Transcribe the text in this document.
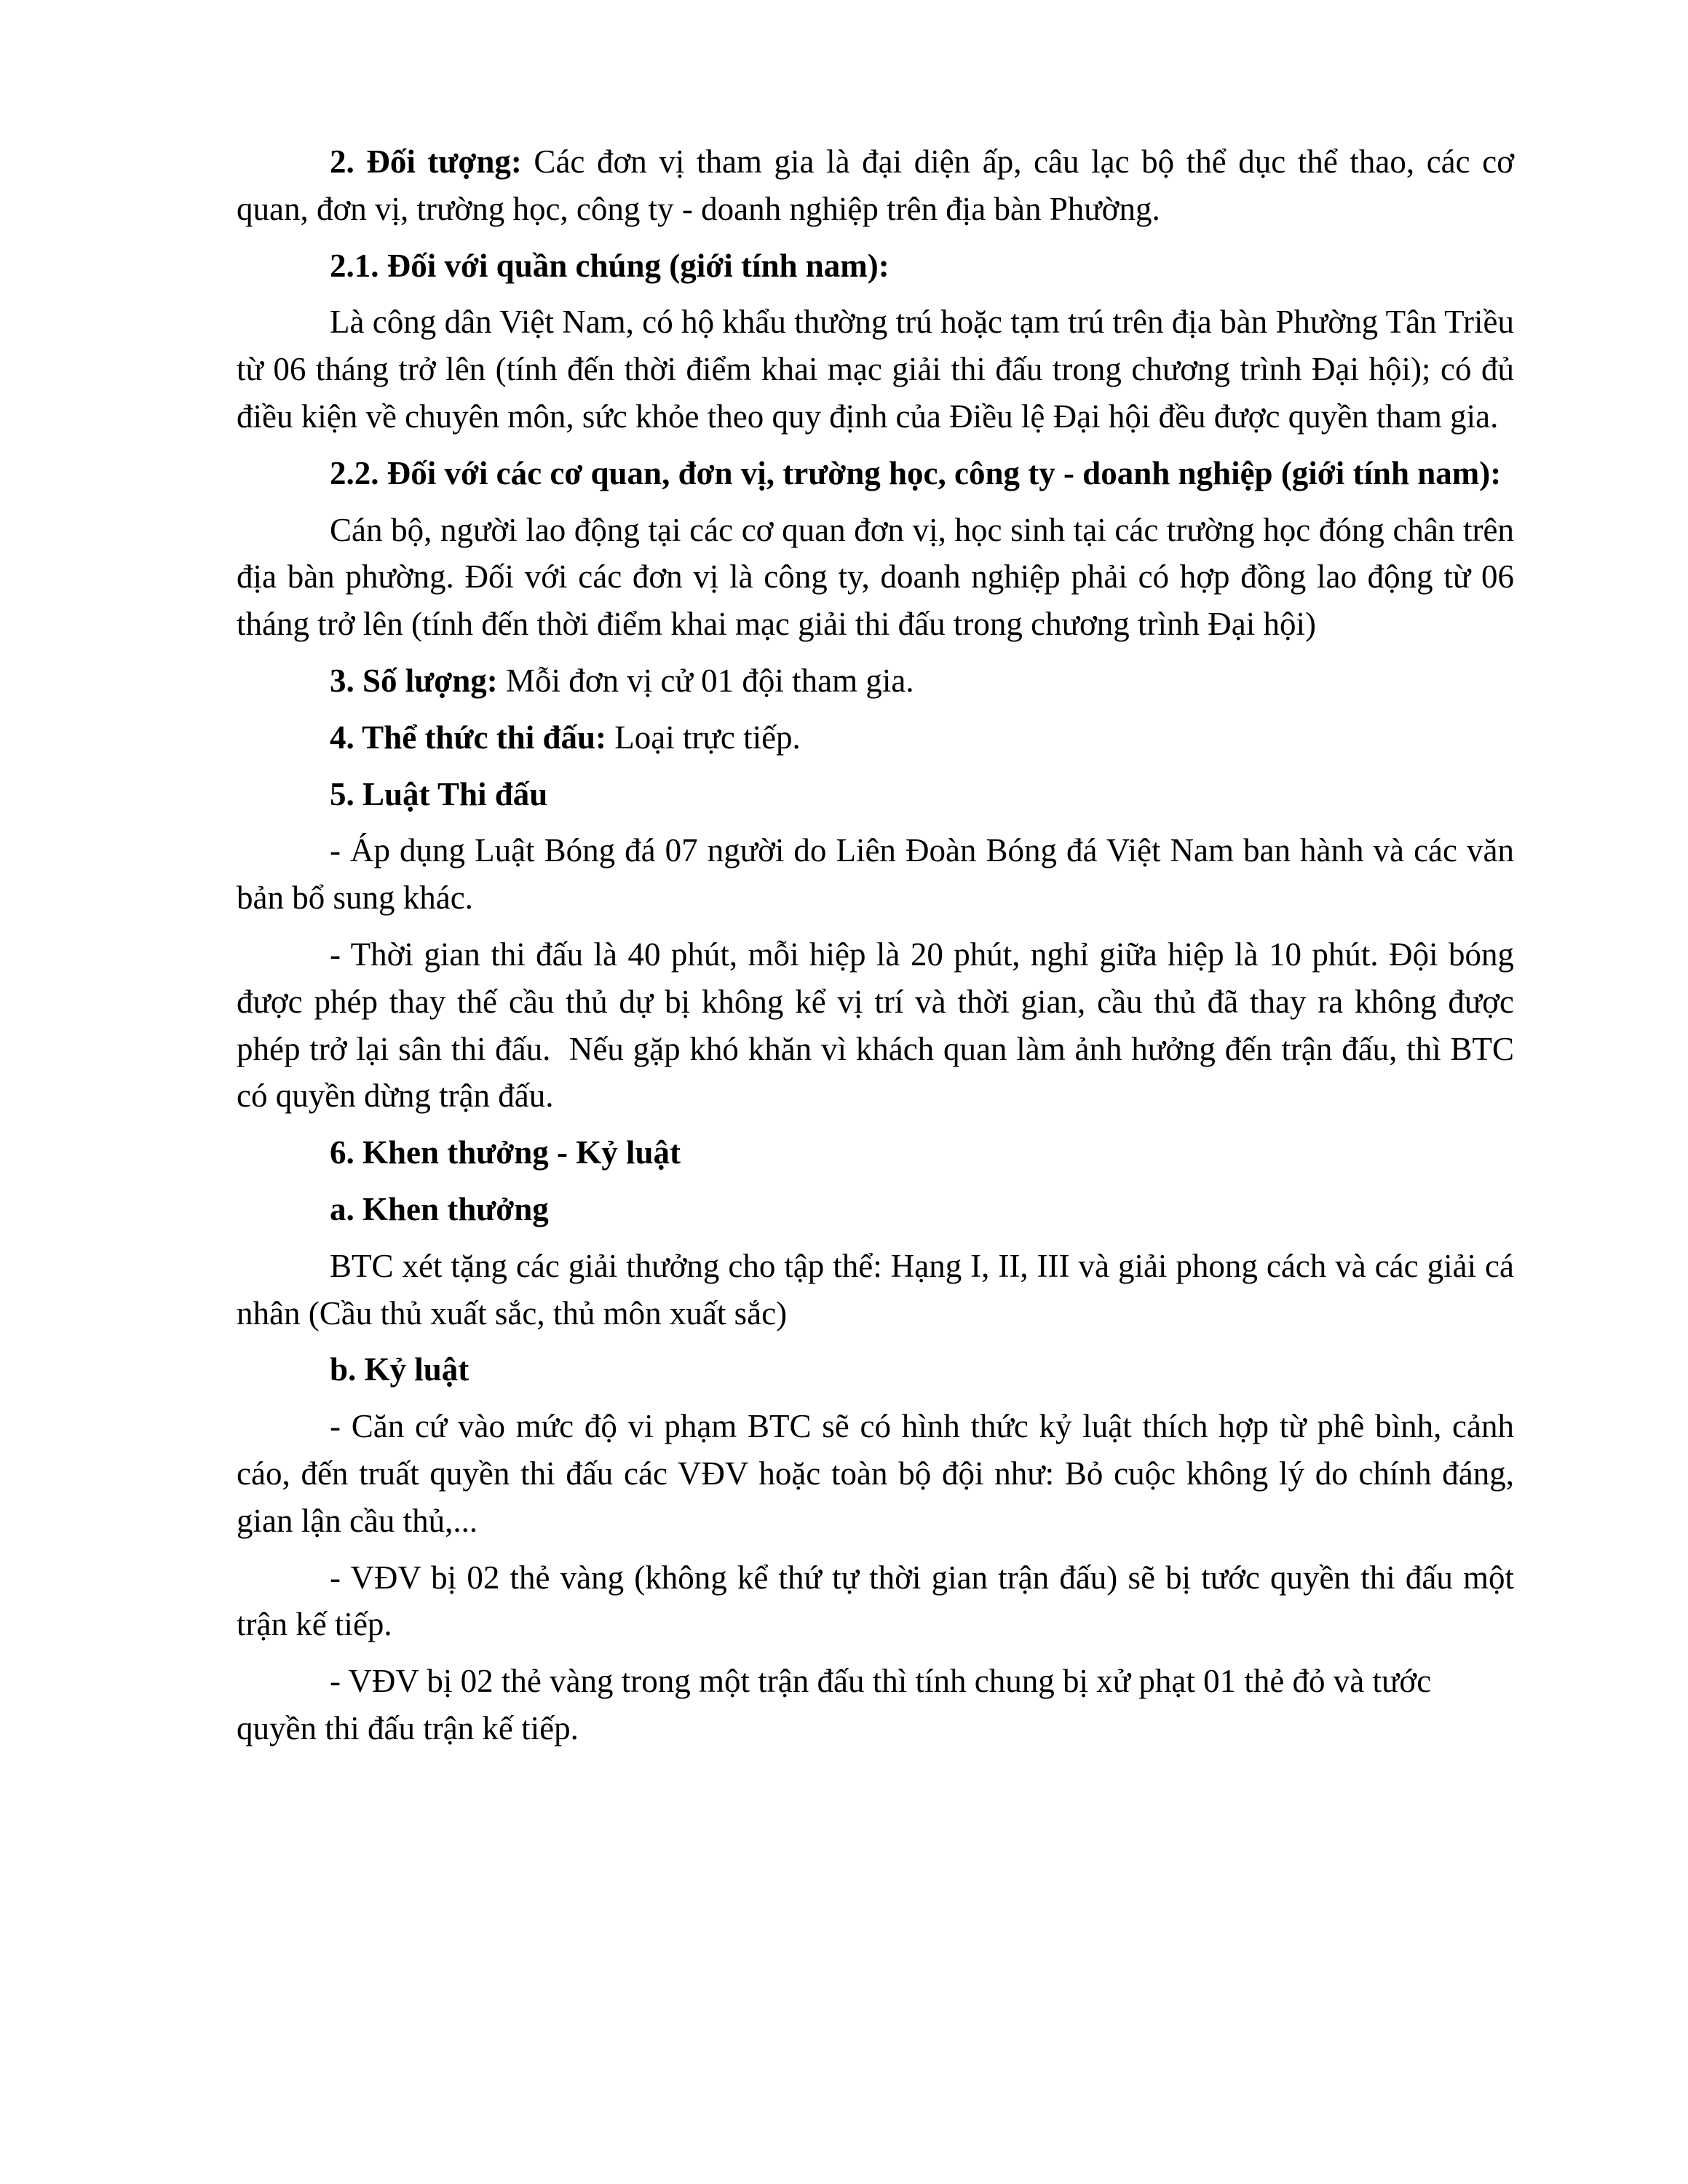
2. Đối tượng: Các đơn vị tham gia là đại diện ấp, câu lạc bộ thể dục thể thao, các cơ quan, đơn vị, trường học, công ty - doanh nghiệp trên địa bàn Phường.

2.1. Đối với quần chúng (giới tính nam):

Là công dân Việt Nam, có hộ khẩu thường trú hoặc tạm trú trên địa bàn Phường Tân Triều từ 06 tháng trở lên (tính đến thời điểm khai mạc giải thi đấu trong chương trình Đại hội); có đủ điều kiện về chuyên môn, sức khỏe theo quy định của Điều lệ Đại hội đều được quyền tham gia.

2.2. Đối với các cơ quan, đơn vị, trường học, công ty - doanh nghiệp (giới tính nam):

Cán bộ, người lao động tại các cơ quan đơn vị, học sinh tại các trường học đóng chân trên địa bàn phường. Đối với các đơn vị là công ty, doanh nghiệp phải có hợp đồng lao động từ 06 tháng trở lên (tính đến thời điểm khai mạc giải thi đấu trong chương trình Đại hội)

3. Số lượng: Mỗi đơn vị cử 01 đội tham gia.

4. Thể thức thi đấu: Loại trực tiếp.

5. Luật Thi đấu

- Áp dụng Luật Bóng đá 07 người do Liên Đoàn Bóng đá Việt Nam ban hành và các văn bản bổ sung khác.

- Thời gian thi đấu là 40 phút, mỗi hiệp là 20 phút, nghỉ giữa hiệp là 10 phút. Đội bóng được phép thay thế cầu thủ dự bị không kể vị trí và thời gian, cầu thủ đã thay ra không được phép trở lại sân thi đấu.  Nếu gặp khó khăn vì khách quan làm ảnh hưởng đến trận đấu, thì BTC có quyền dừng trận đấu.

6. Khen thưởng - Kỷ luật

a. Khen thưởng

BTC xét tặng các giải thưởng cho tập thể: Hạng I, II, III và giải phong cách và các giải cá nhân (Cầu thủ xuất sắc, thủ môn xuất sắc)

b. Kỷ luật

- Căn cứ vào mức độ vi phạm BTC sẽ có hình thức kỷ luật thích hợp từ phê bình, cảnh cáo, đến truất quyền thi đấu các VĐV hoặc toàn bộ đội như: Bỏ cuộc không lý do chính đáng, gian lận cầu thủ,...

- VĐV bị 02 thẻ vàng (không kể thứ tự thời gian trận đấu) sẽ bị tước quyền thi đấu một trận kế tiếp.

- VĐV bị 02 thẻ vàng trong một trận đấu thì tính chung bị xử phạt 01 thẻ đỏ và tước quyền thi đấu trận kế tiếp.
